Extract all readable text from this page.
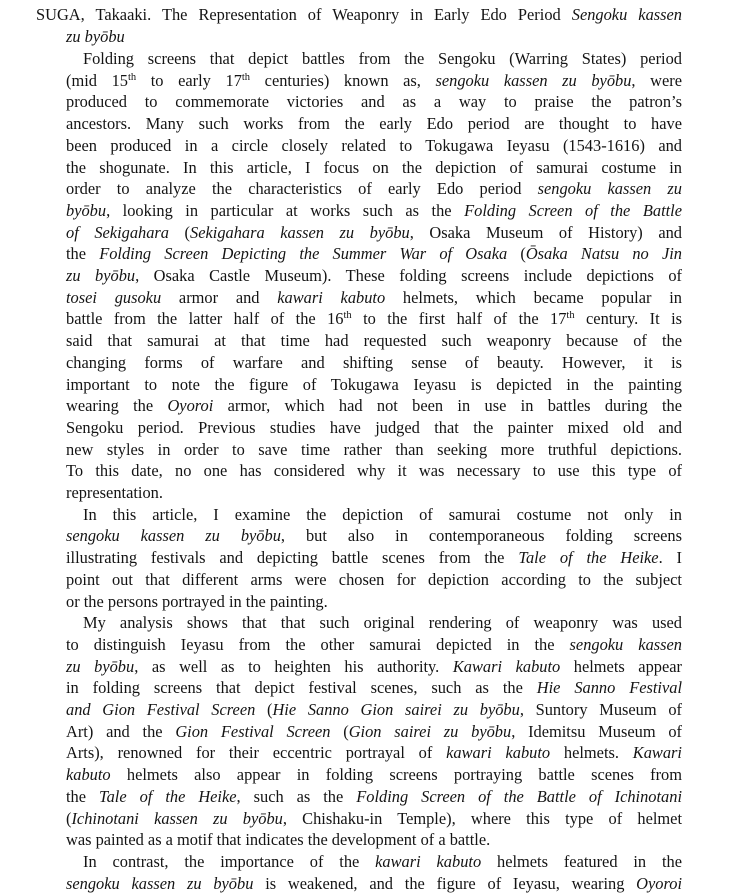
SUGA, Takaaki. The Representation of Weaponry in Early Edo Period Sengoku kassen
zu byōbu
Folding screens that depict battles from the Sengoku (Warring States) period
(mid 15th to early 17th centuries) known as, sengoku kassen zu byōbu, were
produced to commemorate victories and as a way to praise the patron’s
ancestors. Many such works from the early Edo period are thought to have
been produced in a circle closely related to Tokugawa Ieyasu (1543-1616) and
the shogunate. In this article, I focus on the depiction of samurai costume in
order to analyze the characteristics of early Edo period sengoku kassen zu
byōbu, looking in particular at works such as the Folding Screen of the Battle
of Sekigahara (Sekigahara kassen zu byōbu, Osaka Museum of History) and
the Folding Screen Depicting the Summer War of Osaka (Ōsaka Natsu no Jin
zu byōbu, Osaka Castle Museum). These folding screens include depictions of
tosei gusoku armor and kawari kabuto helmets, which became popular in
battle from the latter half of the 16th to the first half of the 17th century. It is
said that samurai at that time had requested such weaponry because of the
changing forms of warfare and shifting sense of beauty. However, it is
important to note the figure of Tokugawa Ieyasu is depicted in the painting
wearing the Oyoroi armor, which had not been in use in battles during the
Sengoku period. Previous studies have judged that the painter mixed old and
new styles in order to save time rather than seeking more truthful depictions.
To this date, no one has considered why it was necessary to use this type of
representation.
In this article, I examine the depiction of samurai costume not only in
sengoku kassen zu byōbu, but also in contemporaneous folding screens
illustrating festivals and depicting battle scenes from the Tale of the Heike. I
point out that different arms were chosen for depiction according to the subject
or the persons portrayed in the painting.
My analysis shows that that such original rendering of weaponry was used
to distinguish Ieyasu from the other samurai depicted in the sengoku kassen
zu byōbu, as well as to heighten his authority. Kawari kabuto helmets appear
in folding screens that depict festival scenes, such as the Hie Sanno Festival
and Gion Festival Screen (Hie Sanno Gion sairei zu byōbu, Suntory Museum of
Art) and the Gion Festival Screen (Gion sairei zu byōbu, Idemitsu Museum of
Arts), renowned for their eccentric portrayal of kawari kabuto helmets. Kawari
kabuto helmets also appear in folding screens portraying battle scenes from
the Tale of the Heike, such as the Folding Screen of the Battle of Ichinotani
(Ichinotani kassen zu byōbu, Chishaku-in Temple), where this type of helmet
was painted as a motif that indicates the development of a battle.
In contrast, the importance of the kawari kabuto helmets featured in the
sengoku kassen zu byōbu is weakened, and the figure of Ieyasu, wearing Oyoroi
